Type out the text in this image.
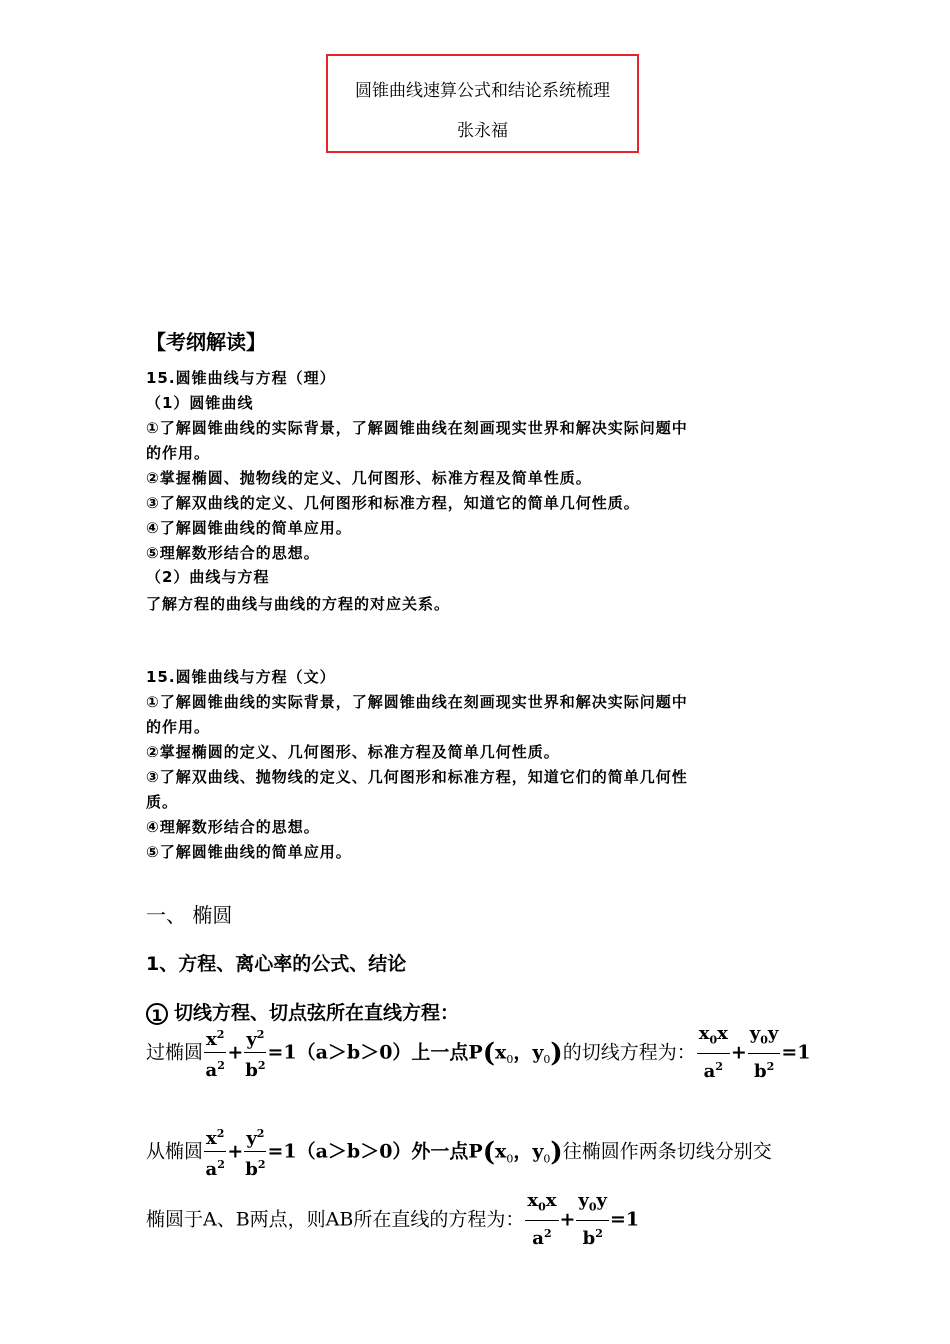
圆锥曲线速算公式和结论系统梳理
张永福
【考纲解读】
15.圆锥曲线与方程（理）
（1）圆锥曲线
①了解圆锥曲线的实际背景，了解圆锥曲线在刻画现实世界和解决实际问题中
的作用。
②掌握椭圆、抛物线的定义、几何图形、标准方程及简单性质。
③了解双曲线的定义、几何图形和标准方程，知道它的简单几何性质。
④了解圆锥曲线的简单应用。
⑤理解数形结合的思想。
（2）曲线与方程
了解方程的曲线与曲线的方程的对应关系。
15.圆锥曲线与方程（文）
①了解圆锥曲线的实际背景，了解圆锥曲线在刻画现实世界和解决实际问题中
的作用。
②掌握椭圆的定义、几何图形、标准方程及简单几何性质。
③了解双曲线、抛物线的定义、几何图形和标准方程，知道它们的简单几何性
质。
④理解数形结合的思想。
⑤了解圆锥曲线的简单应用。
一、 椭圆
1、方程、离心率的公式、结论
1 切线方程、切点弦所在直线方程：
过椭圆 $\frac{x^2}{a^2} + \frac{y^2}{b^2} =1(a>b>0)$上一点$P(x_0$，$y_0$)的切线方程为： $\frac{x_0x}{a^2} + \frac{y_0y}{b^2} =1$
从椭圆 $\frac{x^2}{a^2} + \frac{y^2}{b^2} =1(a>b>0)$外一点$P(x_0$，$y_0$)往椭圆作两条切线分别交
椭圆于A、B两点，则AB所在直线的方程为： $\frac{x_0x}{a^2} + \frac{y_0y}{b^2} =1$
